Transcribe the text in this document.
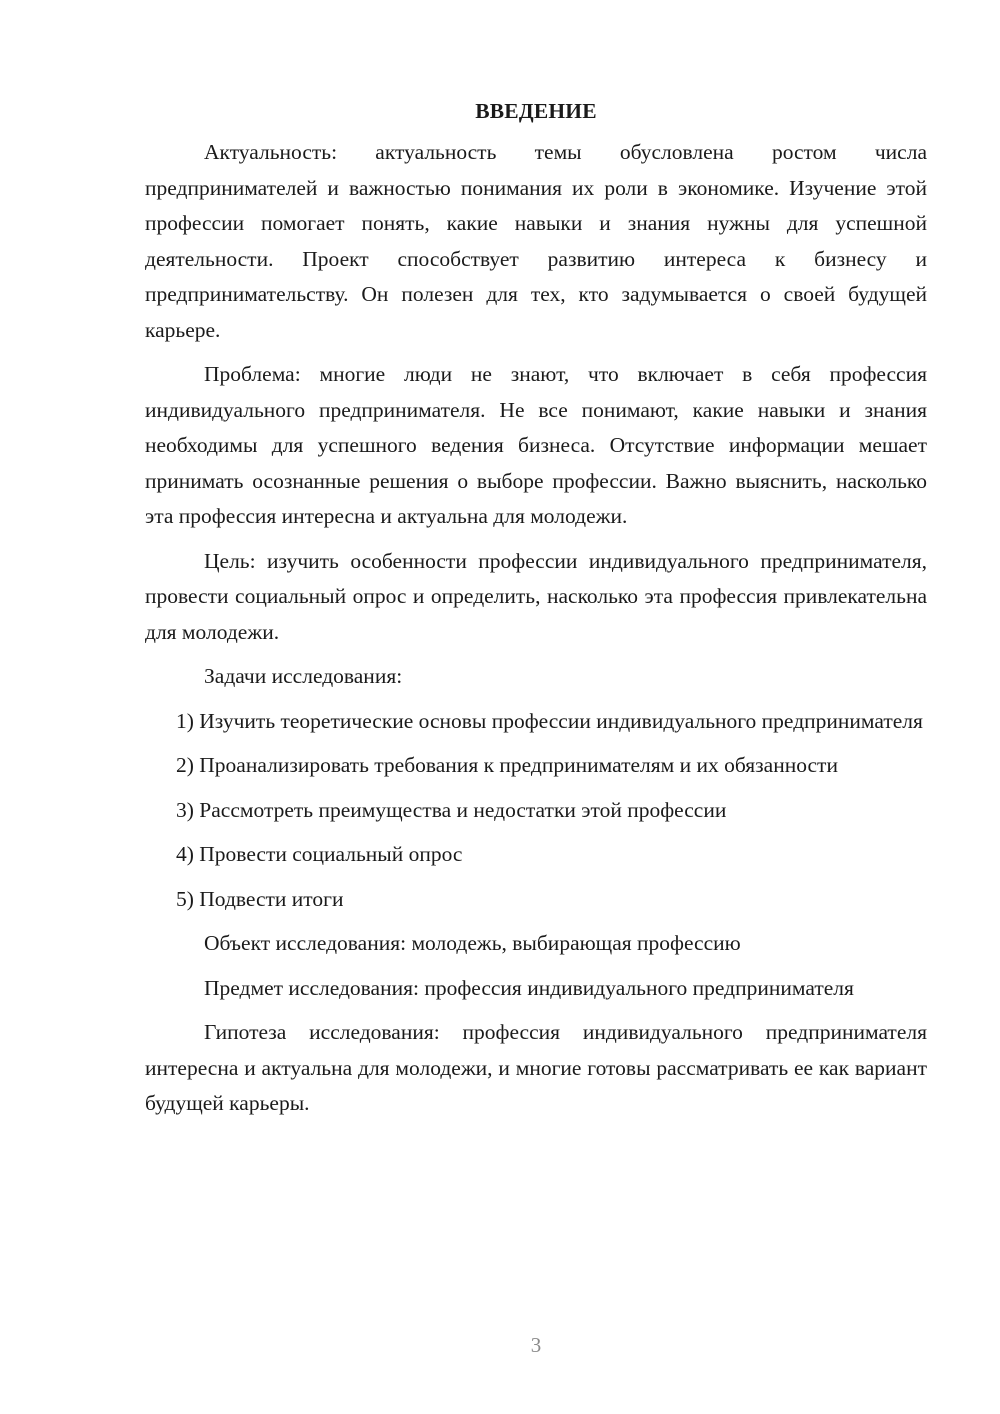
ВВЕДЕНИЕ

Актуальность: актуальность темы обусловлена ростом числа предпринимателей и важностью понимания их роли в экономике. Изучение этой профессии помогает понять, какие навыки и знания нужны для успешной деятельности. Проект способствует развитию интереса к бизнесу и предпринимательству. Он полезен для тех, кто задумывается о своей будущей карьере.

Проблема: многие люди не знают, что включает в себя профессия индивидуального предпринимателя. Не все понимают, какие навыки и знания необходимы для успешного ведения бизнеса. Отсутствие информации мешает принимать осознанные решения о выборе профессии. Важно выяснить, насколько эта профессия интересна и актуальна для молодежи.

Цель: изучить особенности профессии индивидуального предпринимателя, провести социальный опрос и определить, насколько эта профессия привлекательна для молодежи.

Задачи исследования:

1) Изучить теоретические основы профессии индивидуального предпринимателя

2) Проанализировать требования к предпринимателям и их обязанности

3) Рассмотреть преимущества и недостатки этой профессии

4) Провести социальный опрос

5) Подвести итоги

Объект исследования: молодежь, выбирающая профессию

Предмет исследования: профессия индивидуального предпринимателя

Гипотеза исследования: профессия индивидуального предпринимателя интересна и актуальна для молодежи, и многие готовы рассматривать ее как вариант будущей карьеры.

3
